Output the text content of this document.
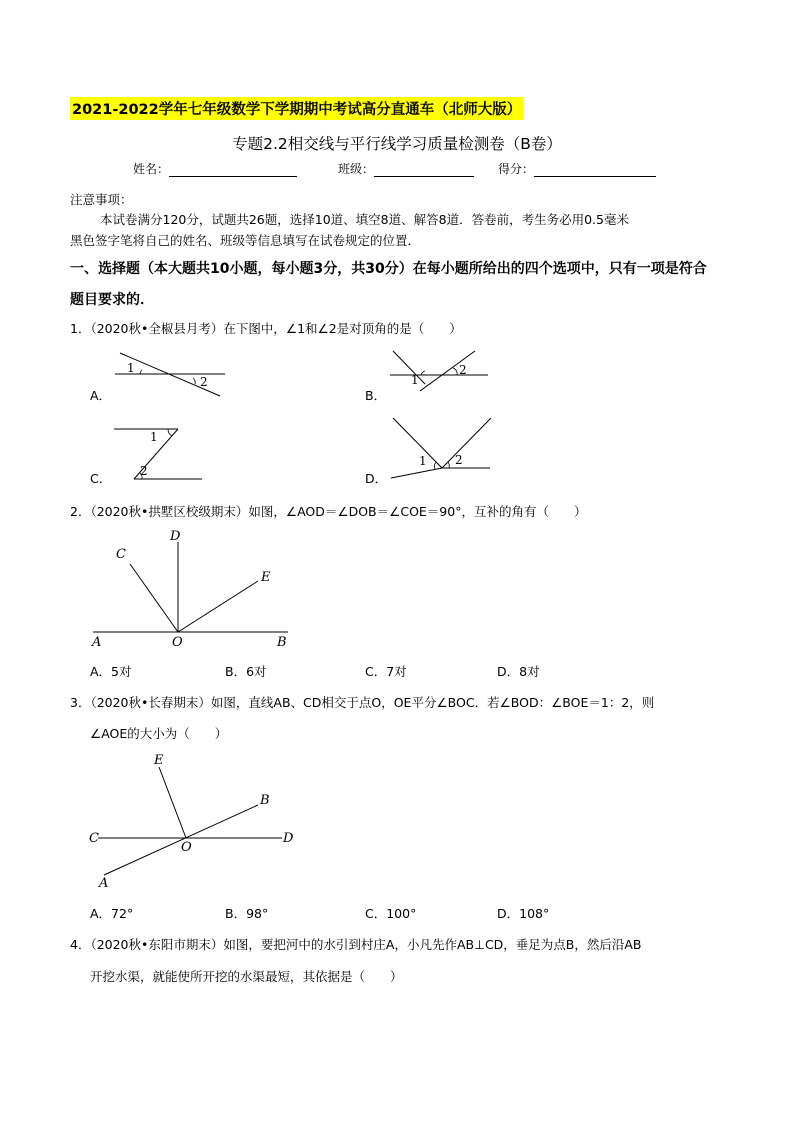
2021-2022学年七年级数学下学期期中考试高分直通车（北师大版）
专题2.2相交线与平行线学习质量检测卷（B卷）
姓名：	班级：	得分：
注意事项：
本试卷满分120分，试题共26题，选择10道、填空8道、解答8道．答卷前，考生务必用0.5毫米
黑色签字笔将自己的姓名、班级等信息填写在试卷规定的位置．
一、选择题（本大题共10小题，每小题3分，共30分）在每小题所给出的四个选项中，只有一项是符合
题目要求的．
1．（2020秋•全椒县月考）在下图中，∠1和∠2是对顶角的是（　　）
A．	B．
C．	D．
1
2	1
2
1
2
1 2
2．（2020秋•拱墅区校级期末）如图，∠AOD＝∠DOB＝∠COE＝90°，互补的角有（　　）
C
D
E
A	O	B
A．5对	B．6对	C．7对	D．8对
3．（2020秋•长春期末）如图，直线AB、CD相交于点O，OE平分∠BOC．若∠BOD：∠BOE＝1：2，则
∠AOE的大小为（　　）
E
B
C
O
D
A
A．72°	B．98°	C．100°	D．108°
4．（2020秋•东阳市期末）如图，要把河中的水引到村庄A，小凡先作AB⊥CD，垂足为点B，然后沿AB
开挖水渠，就能使所开挖的水渠最短，其依据是（　　）
